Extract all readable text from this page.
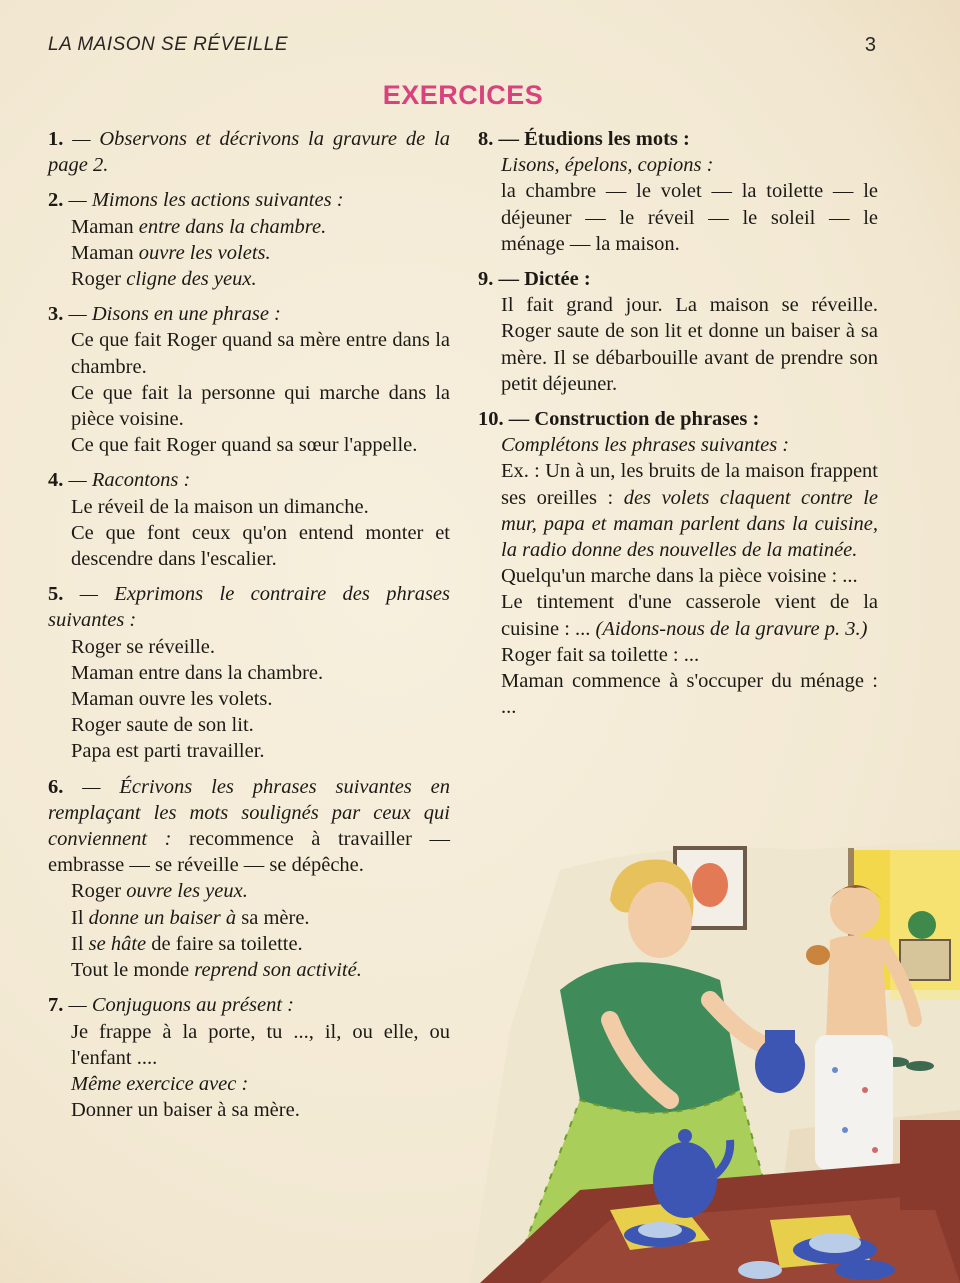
LA MAISON SE RÉVEILLE	3
EXERCICES
1. — Observons et décrivons la gravure de la page 2.
2. — Mimons les actions suivantes :
Maman entre dans la chambre.
Maman ouvre les volets.
Roger cligne des yeux.
3. — Disons en une phrase :
Ce que fait Roger quand sa mère entre dans la chambre.
Ce que fait la personne qui marche dans la pièce voisine.
Ce que fait Roger quand sa sœur l'appelle.
4. — Racontons :
Le réveil de la maison un dimanche.
Ce que font ceux qu'on entend monter et descendre dans l'escalier.
5. — Exprimons le contraire des phrases suivantes :
Roger se réveille.
Maman entre dans la chambre.
Maman ouvre les volets.
Roger saute de son lit.
Papa est parti travailler.
6. — Écrivons les phrases suivantes en remplaçant les mots soulignés par ceux qui conviennent : recommence à travailler — embrasse — se réveille — se dépêche.
Roger ouvre les yeux.
Il donne un baiser à sa mère.
Il se hâte de faire sa toilette.
Tout le monde reprend son activité.
7. — Conjuguons au présent :
Je frappe à la porte, tu ..., il, ou elle, ou l'enfant ....
Même exercice avec :
Donner un baiser à sa mère.
8. — Étudions les mots :
Lisons, épelons, copions :
la chambre — le volet — la toilette — le déjeuner — le réveil — le soleil — le ménage — la maison.
9. — Dictée :
Il fait grand jour. La maison se réveille. Roger saute de son lit et donne un baiser à sa mère. Il se débarbouille avant de prendre son petit déjeuner.
10. — Construction de phrases :
Complétons les phrases suivantes :
Ex. : Un à un, les bruits de la maison frappent ses oreilles : des volets claquent contre le mur, papa et maman parlent dans la cuisine, la radio donne des nouvelles de la matinée.
Quelqu'un marche dans la pièce voisine : ...
Le tintement d'une casserole vient de la cuisine : ... (Aidons-nous de la gravure p. 3.)
Roger fait sa toilette : ...
Maman commence à s'occuper du ménage : ...
